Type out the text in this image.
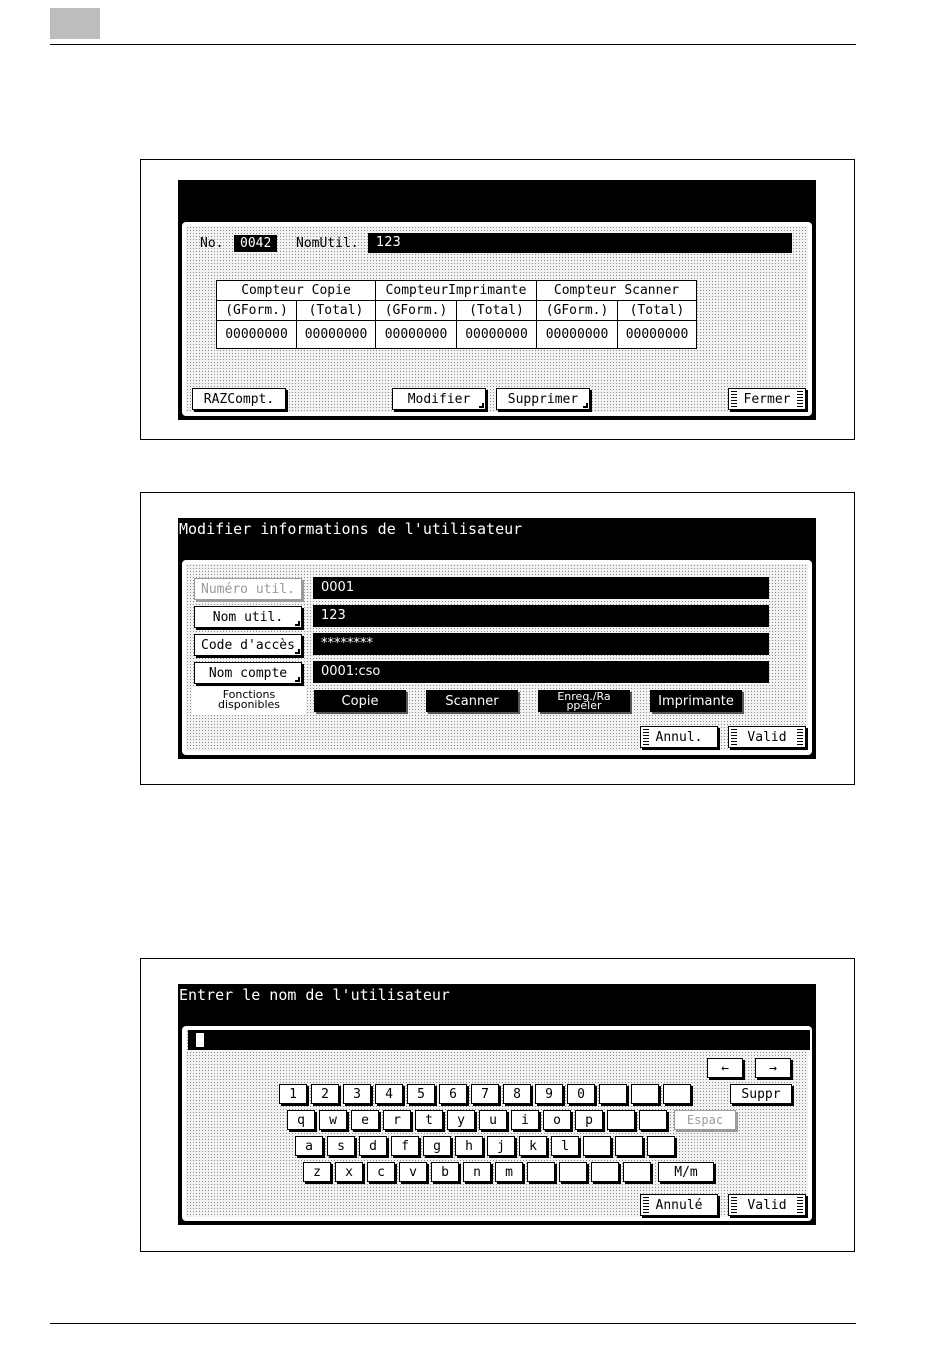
No.	0042	NomUtil.	123
Compteur Copie		CompteurImprimante		Compteur Scanner	
(GForm.)	(Total)	(GForm.)	(Total)	(GForm.)	(Total)
00000000	00000000	00000000	00000000	00000000	00000000
RAZCompt.	Modifier	Supprimer	Fermer
Modifier informations de l'utilisateur
Numéro util.	0001
Nom util.	123
Code d'accès	********
Nom compte	0001:cso
Fonctions
disponibles	Copie	Scanner	Enreg./Rappeler	Imprimante
Annul.	Valid
Entrer le nom de l'utilisateur
←	→
Suppr
Espac
M/m
Annulé	Valid
1 2 3 4 5 6 7 8 9 0
q w e r t y u i o p
a s d f g h j k l
z x c v b n m
